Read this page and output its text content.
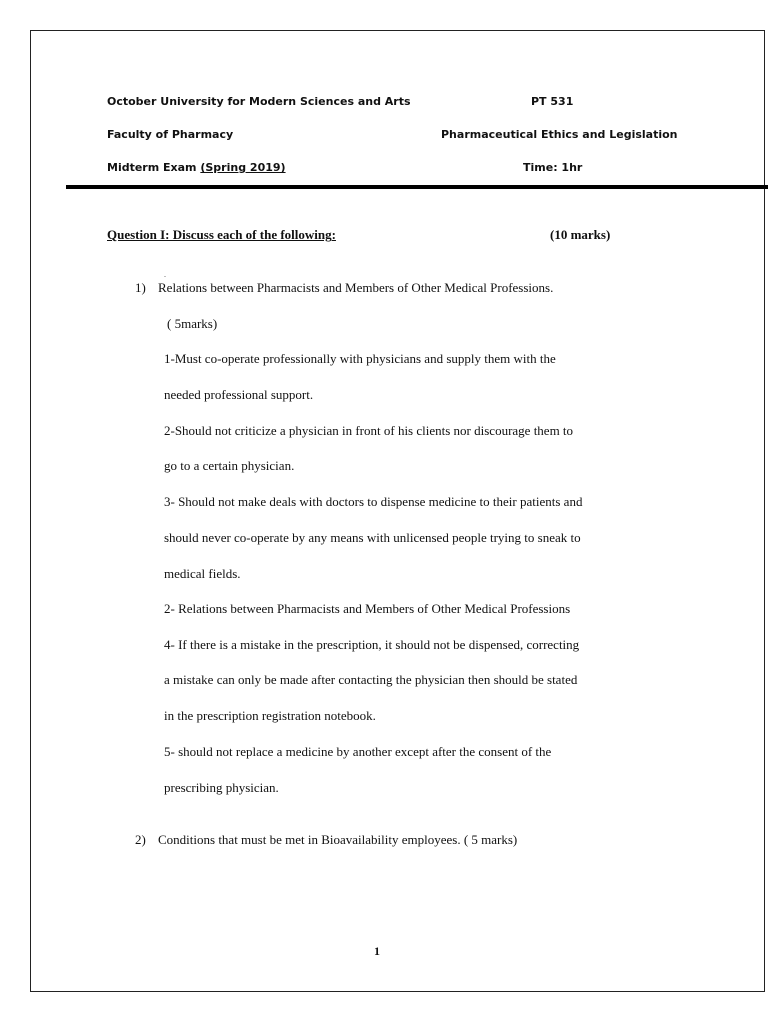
October University for Modern Sciences and Arts	PT 531
Faculty of Pharmacy	Pharmaceutical Ethics and Legislation
Midterm Exam (Spring 2019)	Time: 1hr
Question I: Discuss each of the following:	(10 marks)
.
1) Relations between Pharmacists and Members of Other Medical Professions.
( 5marks)
1-Must co-operate professionally with physicians and supply them with the
needed professional support.
2-Should not criticize a physician in front of his clients nor discourage them to
go to a certain physician.
3- Should not make deals with doctors to dispense medicine to their patients and
should never co-operate by any means with unlicensed people trying to sneak to
medical fields.
2- Relations between Pharmacists and Members of Other Medical Professions
4- If there is a mistake in the prescription, it should not be dispensed, correcting
a mistake can only be made after contacting the physician then should be stated
in the prescription registration notebook.
5- should not replace a medicine by another except after the consent of the
prescribing physician.
2) Conditions that must be met in Bioavailability employees. ( 5 marks)
1
